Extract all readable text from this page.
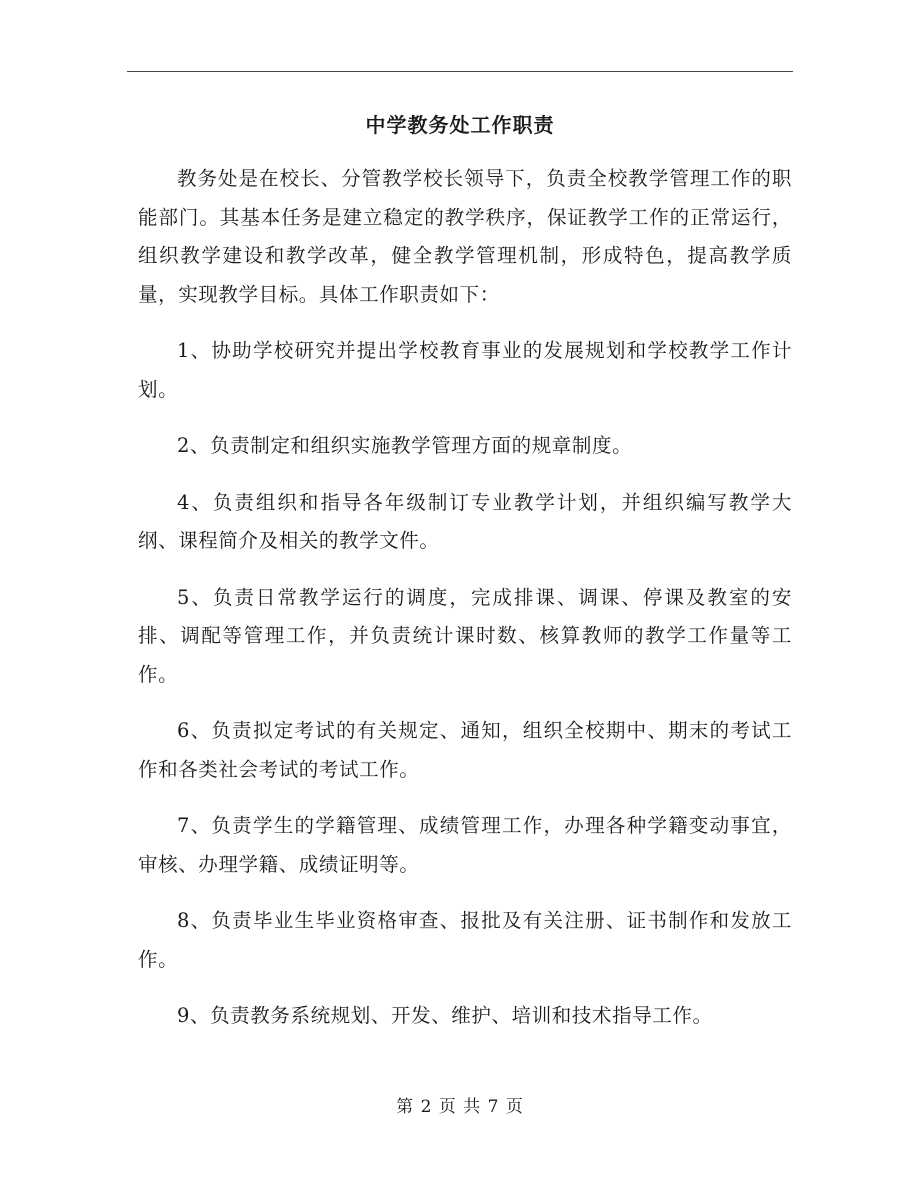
中学教务处工作职责

教务处是在校长、分管教学校长领导下，负责全校教学管理工作的职能部门。其基本任务是建立稳定的教学秩序，保证教学工作的正常运行，组织教学建设和教学改革，健全教学管理机制，形成特色，提高教学质量，实现教学目标。具体工作职责如下：

1、协助学校研究并提出学校教育事业的发展规划和学校教学工作计划。

2、负责制定和组织实施教学管理方面的规章制度。

4、负责组织和指导各年级制订专业教学计划，并组织编写教学大纲、课程简介及相关的教学文件。

5、负责日常教学运行的调度，完成排课、调课、停课及教室的安排、调配等管理工作，并负责统计课时数、核算教师的教学工作量等工作。

6、负责拟定考试的有关规定、通知，组织全校期中、期末的考试工作和各类社会考试的考试工作。

7、负责学生的学籍管理、成绩管理工作，办理各种学籍变动事宜，审核、办理学籍、成绩证明等。

8、负责毕业生毕业资格审查、报批及有关注册、证书制作和发放工作。

9、负责教务系统规划、开发、维护、培训和技术指导工作。

第 2 页 共 7 页
